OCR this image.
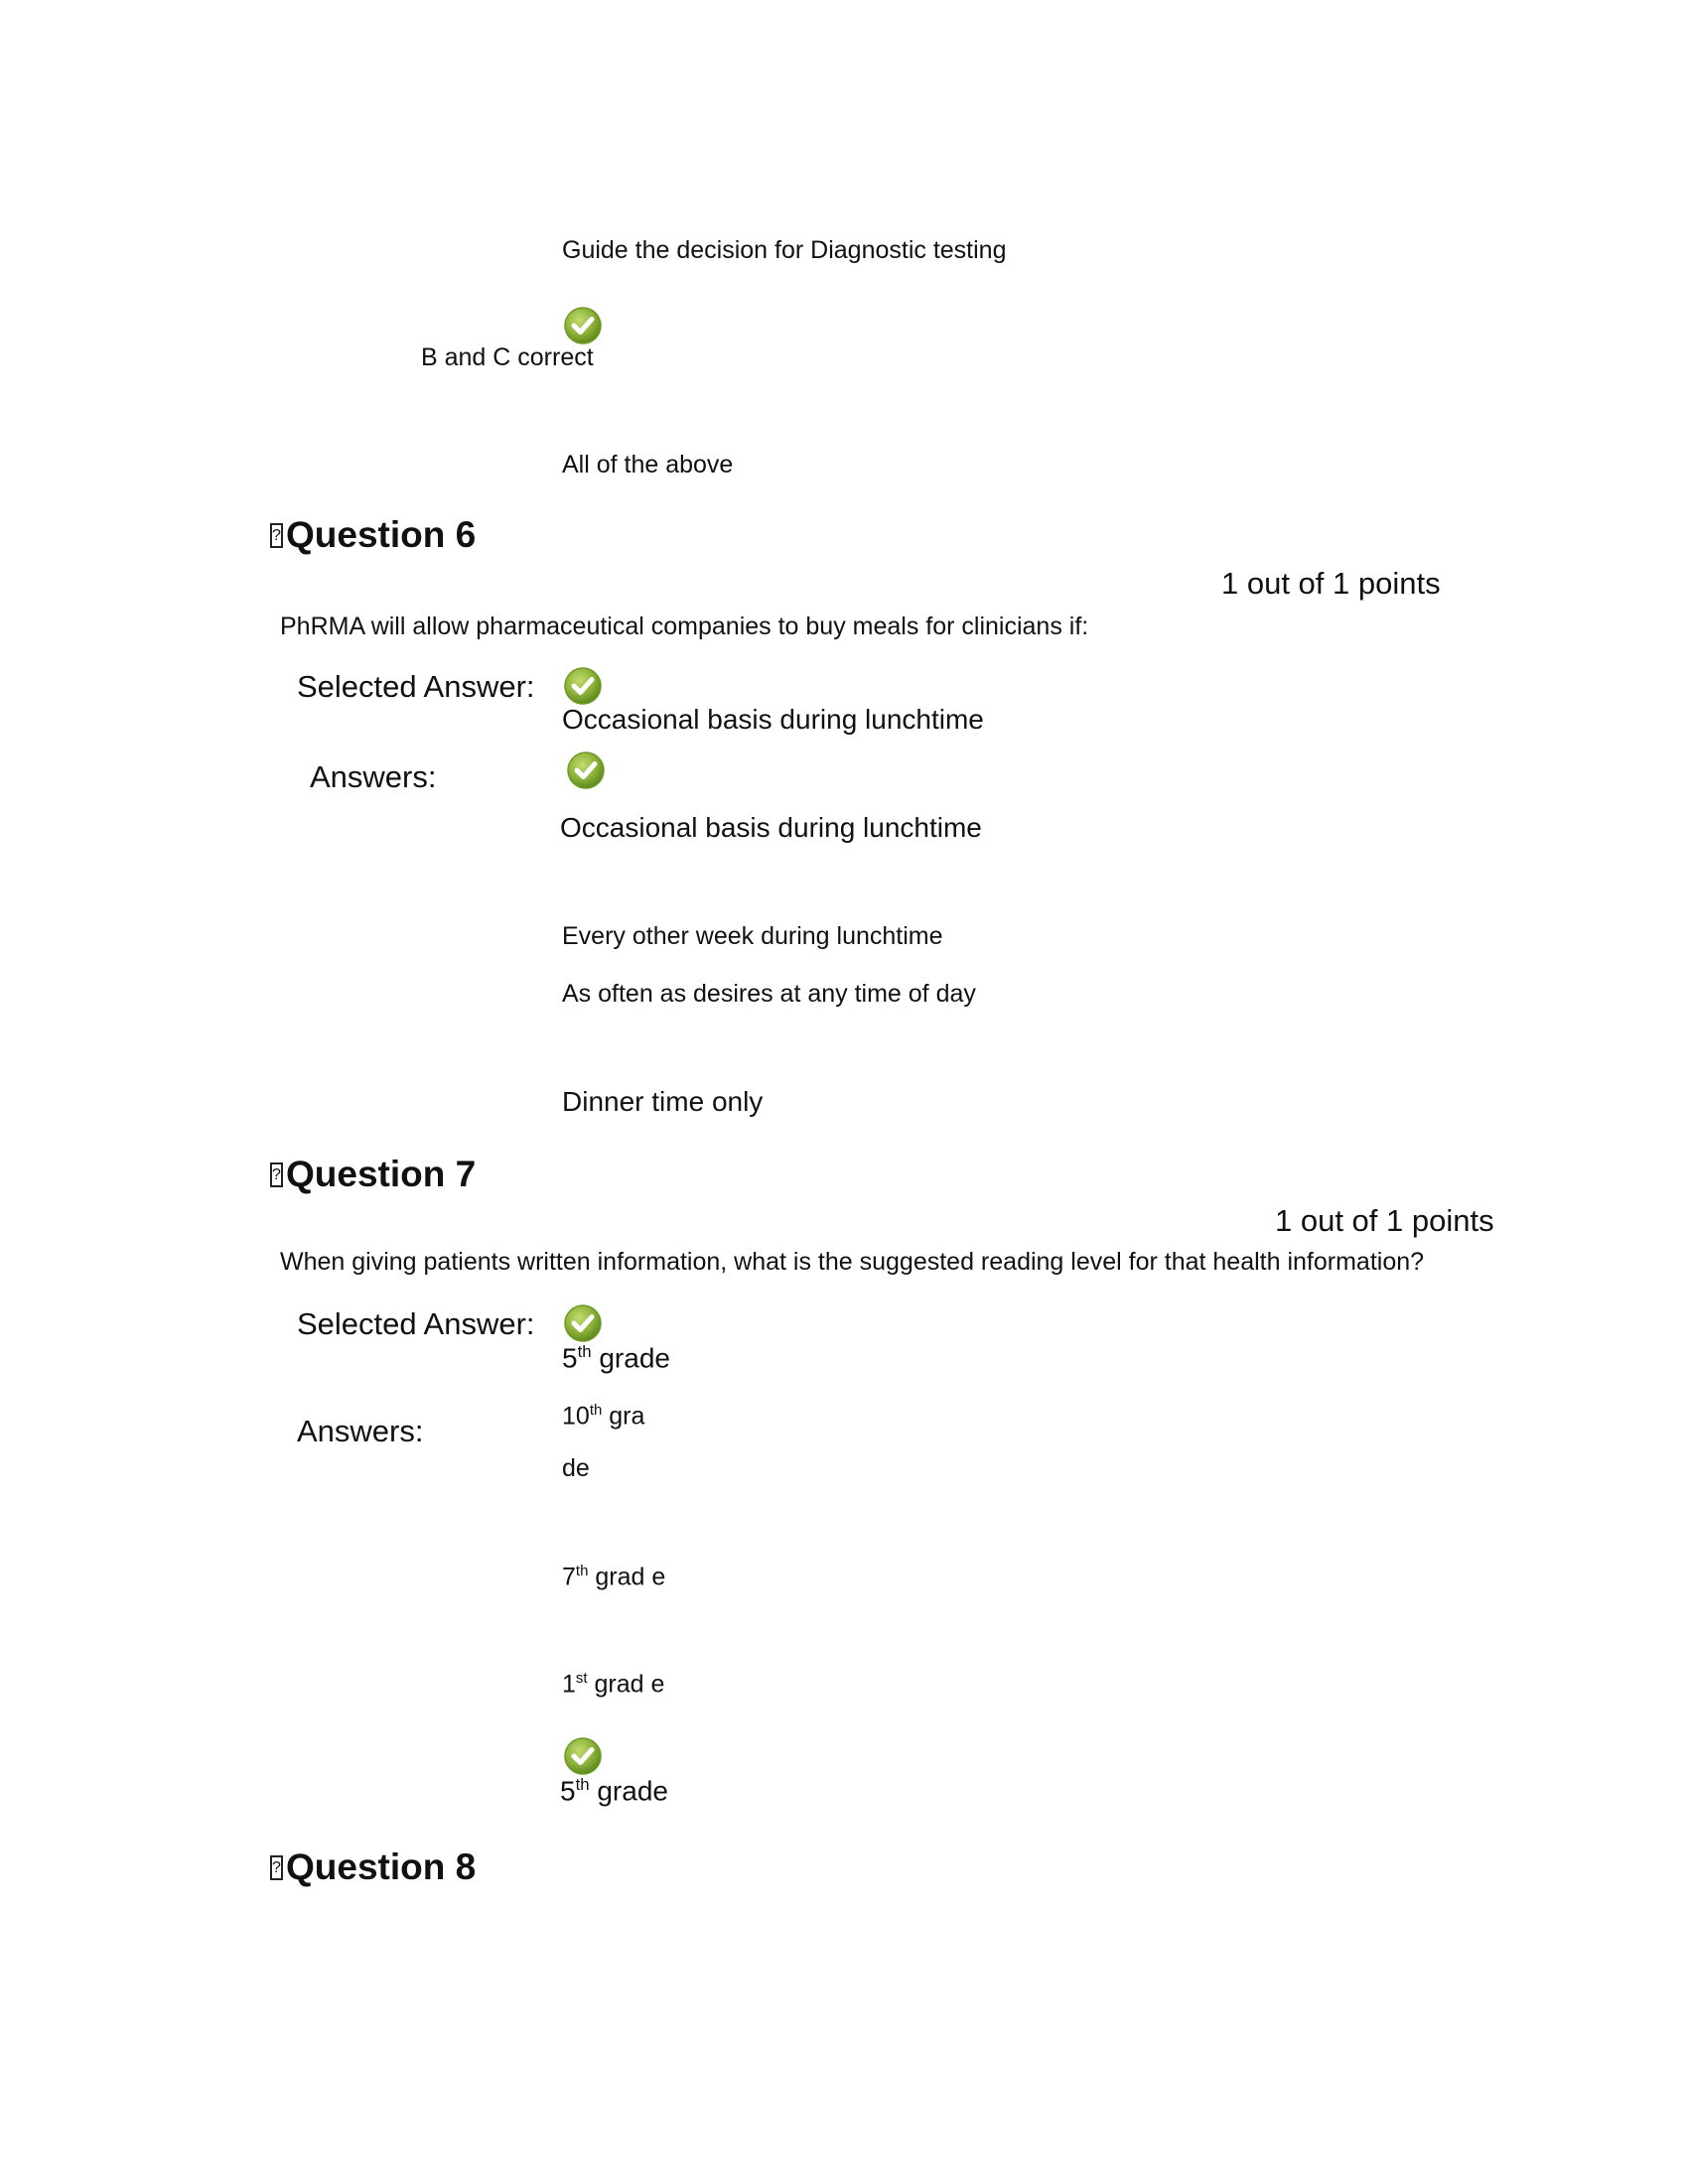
Guide the decision for Diagnostic testing
B and C correct
All of the above
? Question 6
1 out of 1 points
PhRMA will allow pharmaceutical companies to buy meals for clinicians if:
Selected Answer:
Occasional basis during lunchtime
Answers:
Occasional basis during lunchtime
Every other week during lunchtime
As often as desires at any time of day
Dinner time only
? Question 7
1 out of 1 points
When giving patients written information, what is the suggested reading level for that health information?
Selected Answer:
5th grade
Answers:	10th gra
de
7th grad e
1st grad e
5th grade
? Question 8
